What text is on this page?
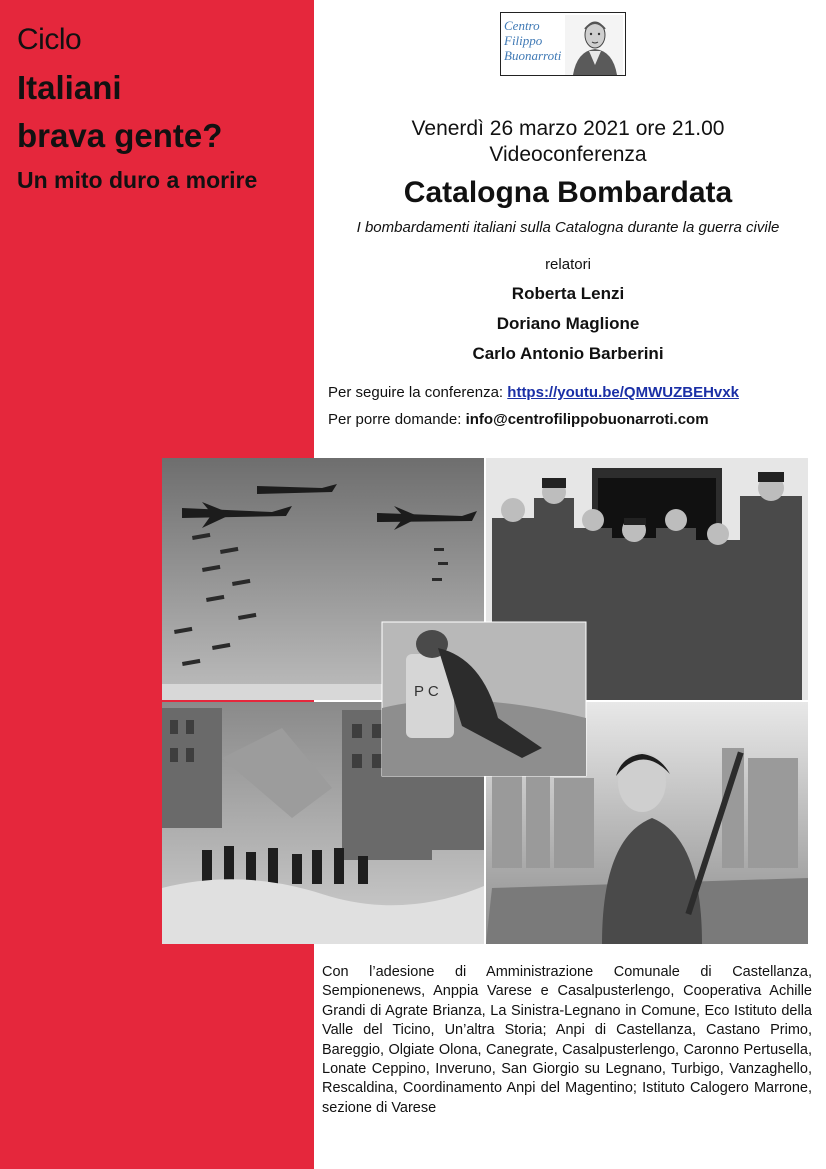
Ciclo
Italiani
brava gente?
Un mito duro a morire
Centro
Filippo
Buonarroti
Venerdì 26 marzo 2021 ore 21.00
Videoconferenza
Catalogna Bombardata
I bombardamenti italiani sulla Catalogna durante la guerra civile
relatori
Roberta Lenzi
Doriano Maglione
Carlo Antonio Barberini
Per seguire la conferenza: https://youtu.be/QMWUZBEHvxk
Per porre domande: info@centrofilippobuonarroti.com
P C
Con l’adesione di Amministrazione Comunale di Castellanza, Sempionenews, Anppia Varese e Casalpusterlengo, Cooperativa Achille Grandi di Agrate Brianza, La Sinistra-Legnano in Comune, Eco Istituto della Valle del Ticino, Un’altra Storia; Anpi di Castellanza, Castano Primo, Bareggio, Olgiate Olona, Canegrate, Casalpusterlengo, Caronno Pertusella, Lonate Ceppino, Inveruno, San Giorgio su Legnano, Turbigo, Vanzaghello, Rescaldina, Coordinamento Anpi del Magentino; Istituto Calogero Marrone, sezione di Varese
